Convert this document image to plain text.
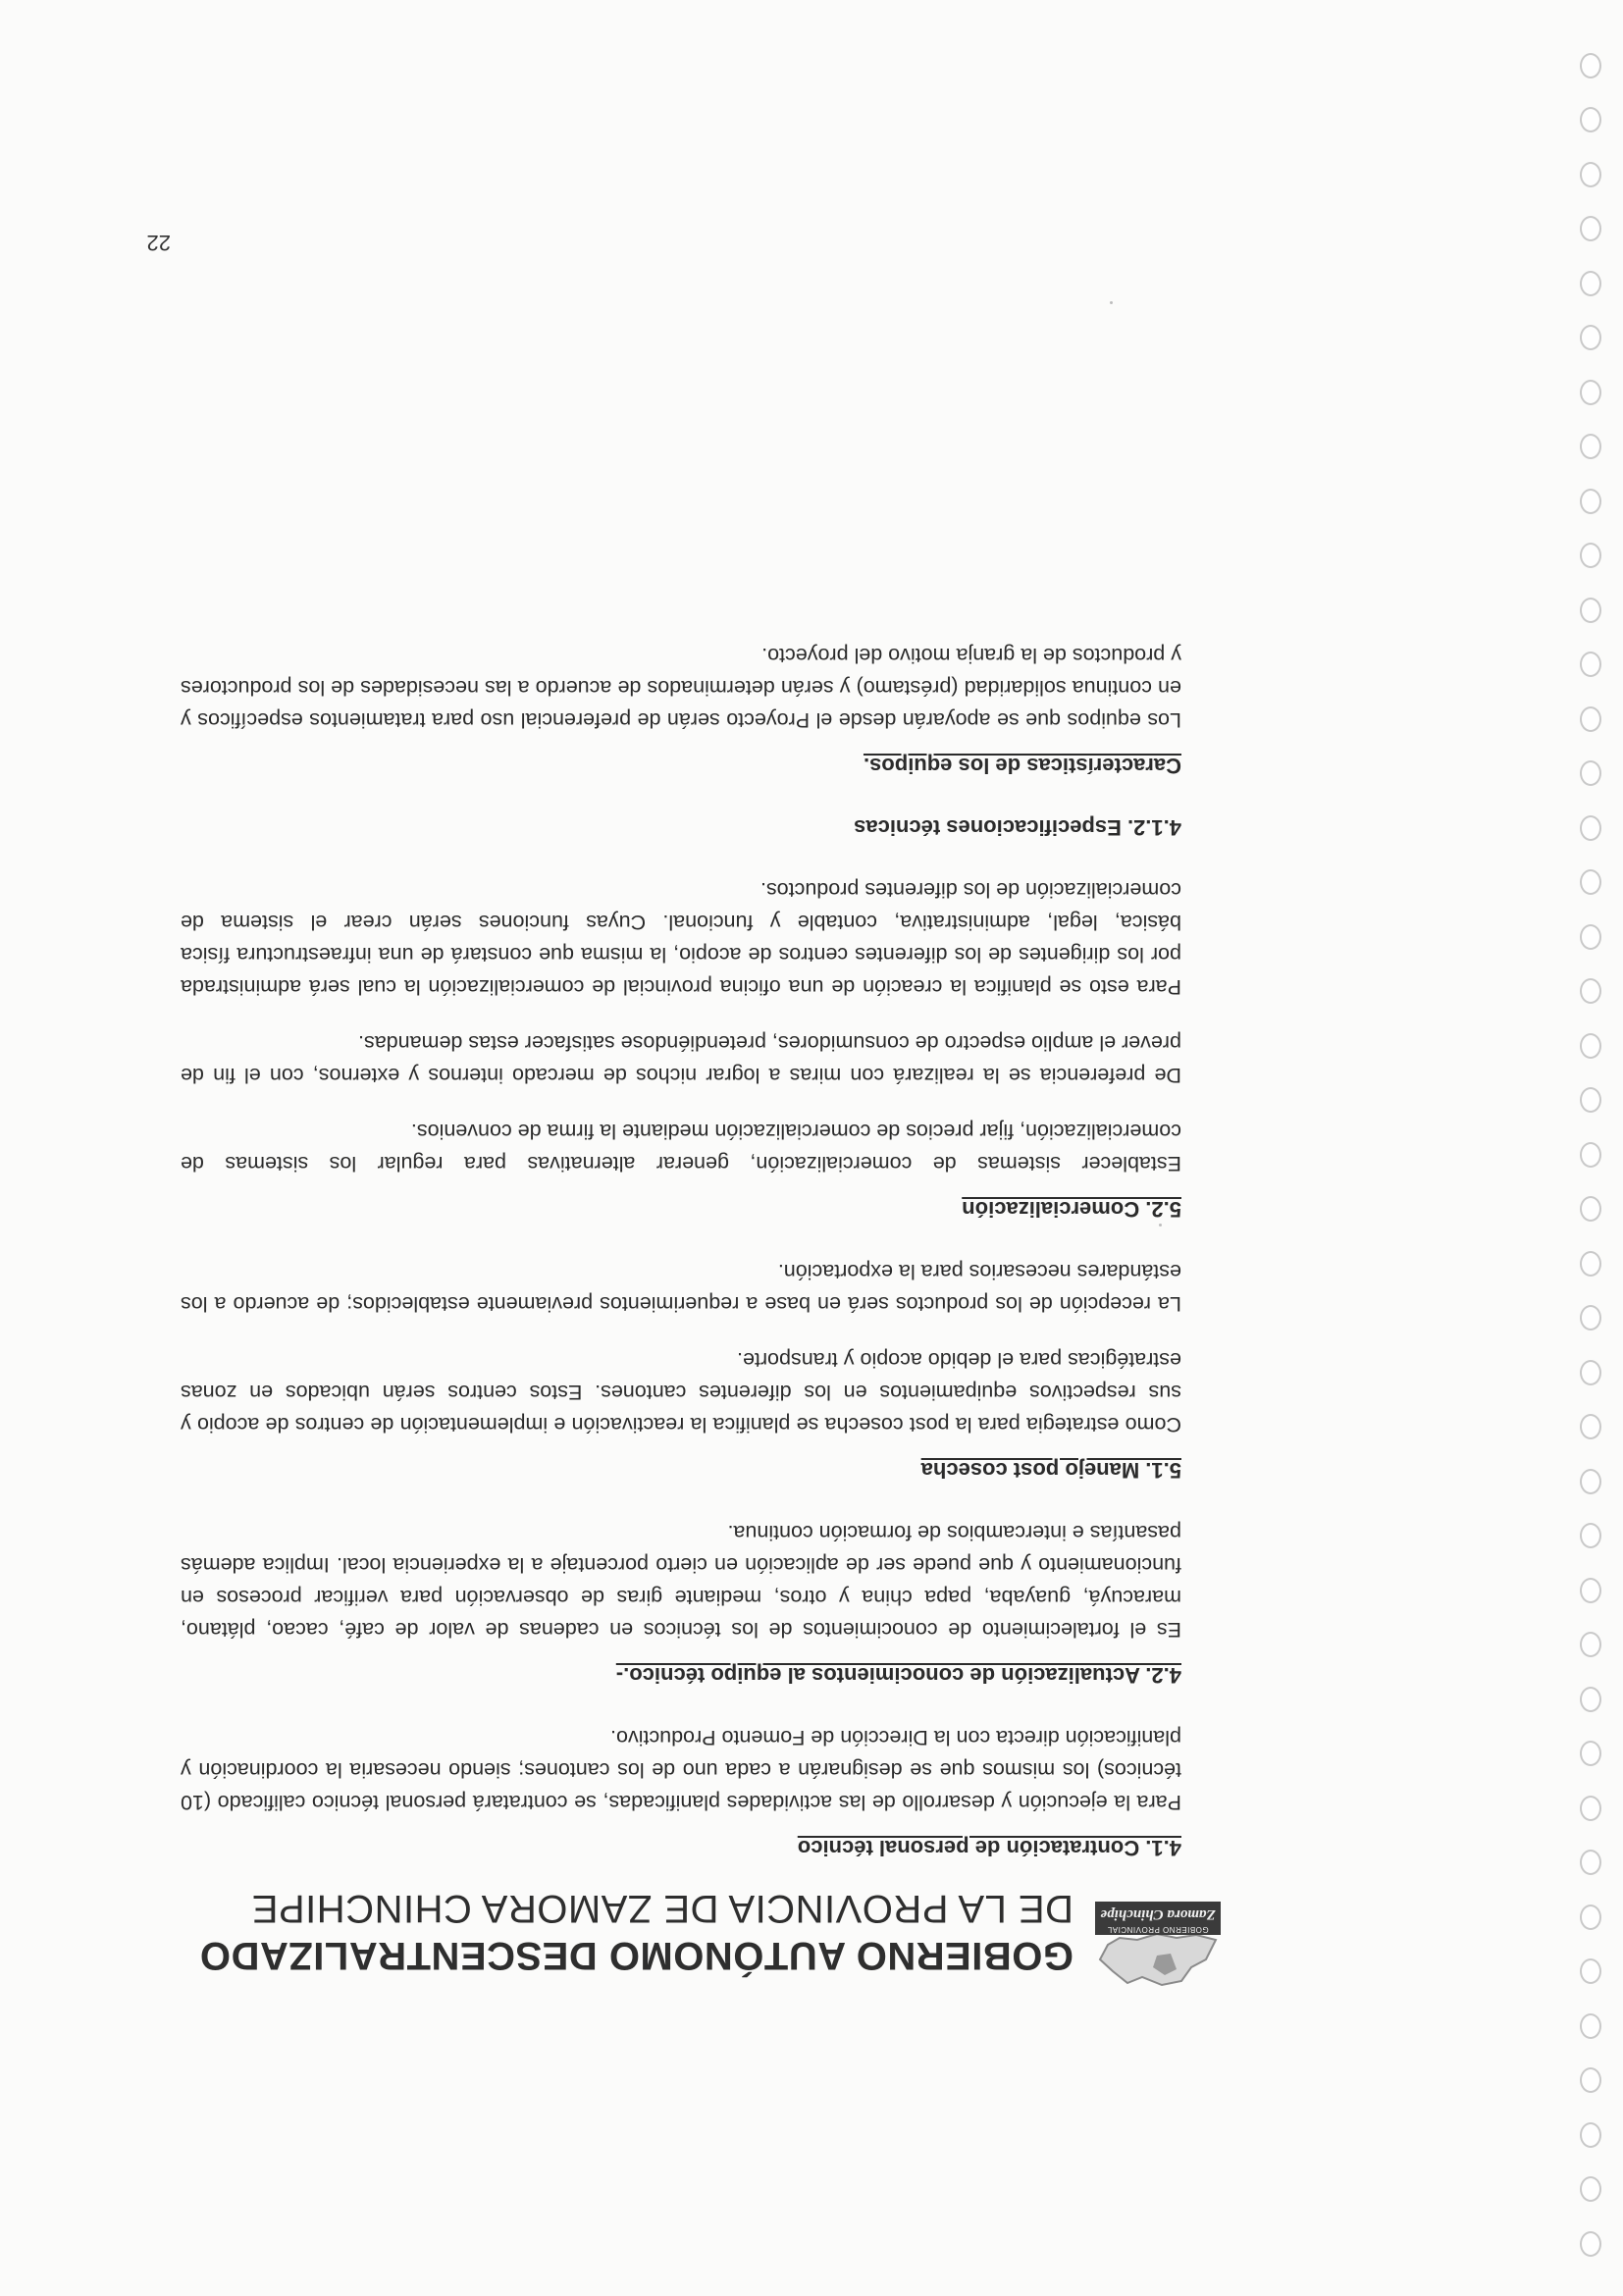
GOBIERNO PROVINCIAL
Zamora Chinchipe
GOBIERNO AUTÓNOMO DESCENTRALIZADO
DE LA PROVINCIA DE ZAMORA CHINCHIPE
4.1. Contratación de personal técnico

Para la ejecución y desarrollo de las actividades planificadas, se contratará personal técnico calificado (10 técnicos) los mismos que se designarán a cada uno de los cantones; siendo necesaria la coordinación y planificación directa con la Dirección de Fomento Productivo.

4.2. Actualización de conocimientos al equipo técnico.-

Es el fortalecimiento de conocimientos de los técnicos en cadenas de valor de café, cacao, plátano, maracuyá, guayaba, papa china y otros, mediante giras de observación para verificar procesos en funcionamiento y que puede ser de aplicación en cierto porcentaje a la experiencia local. Implica además pasantías e intercambios de formación continua.

5.1. Manejo post cosecha

Como estrategia para la post cosecha se planifica la reactivación e implementación de centros de acopio y sus respectivos equipamientos en los diferentes cantones. Estos centros serán ubicados en zonas estratégicas para el debido acopio y transporte.

La recepción de los productos será en base a requerimientos previamente establecidos; de acuerdo a los estándares necesarios para la exportación.

5.2. Comercialización

Establecer sistemas de comercialización, generar alternativas para regular los sistemas de comercialización, fijar precios de comercialización mediante la firma de convenios.

De preferencia se la realizará con miras a lograr nichos de mercado internos y externos, con el fin de prever el amplio espectro de consumidores, pretendiéndose satisfacer estas demandas.

Para esto se planifica la creación de una oficina provincial de comercialización la cual será administrada por los dirigentes de los diferentes centros de acopio, la misma que constará de una infraestructura física básica, legal, administrativa, contable y funcional. Cuyas funciones serán crear el sistema de comercialización de los diferentes productos.

4.1.2. Especificaciones técnicas
Características de los equipos.

Los equipos que se apoyarán desde el Proyecto serán de preferencial uso para tratamientos específicos y en continua solidaridad (préstamo) y serán determinados de acuerdo a las necesidades de los productores y productos de la granja motivo del proyecto.

22
